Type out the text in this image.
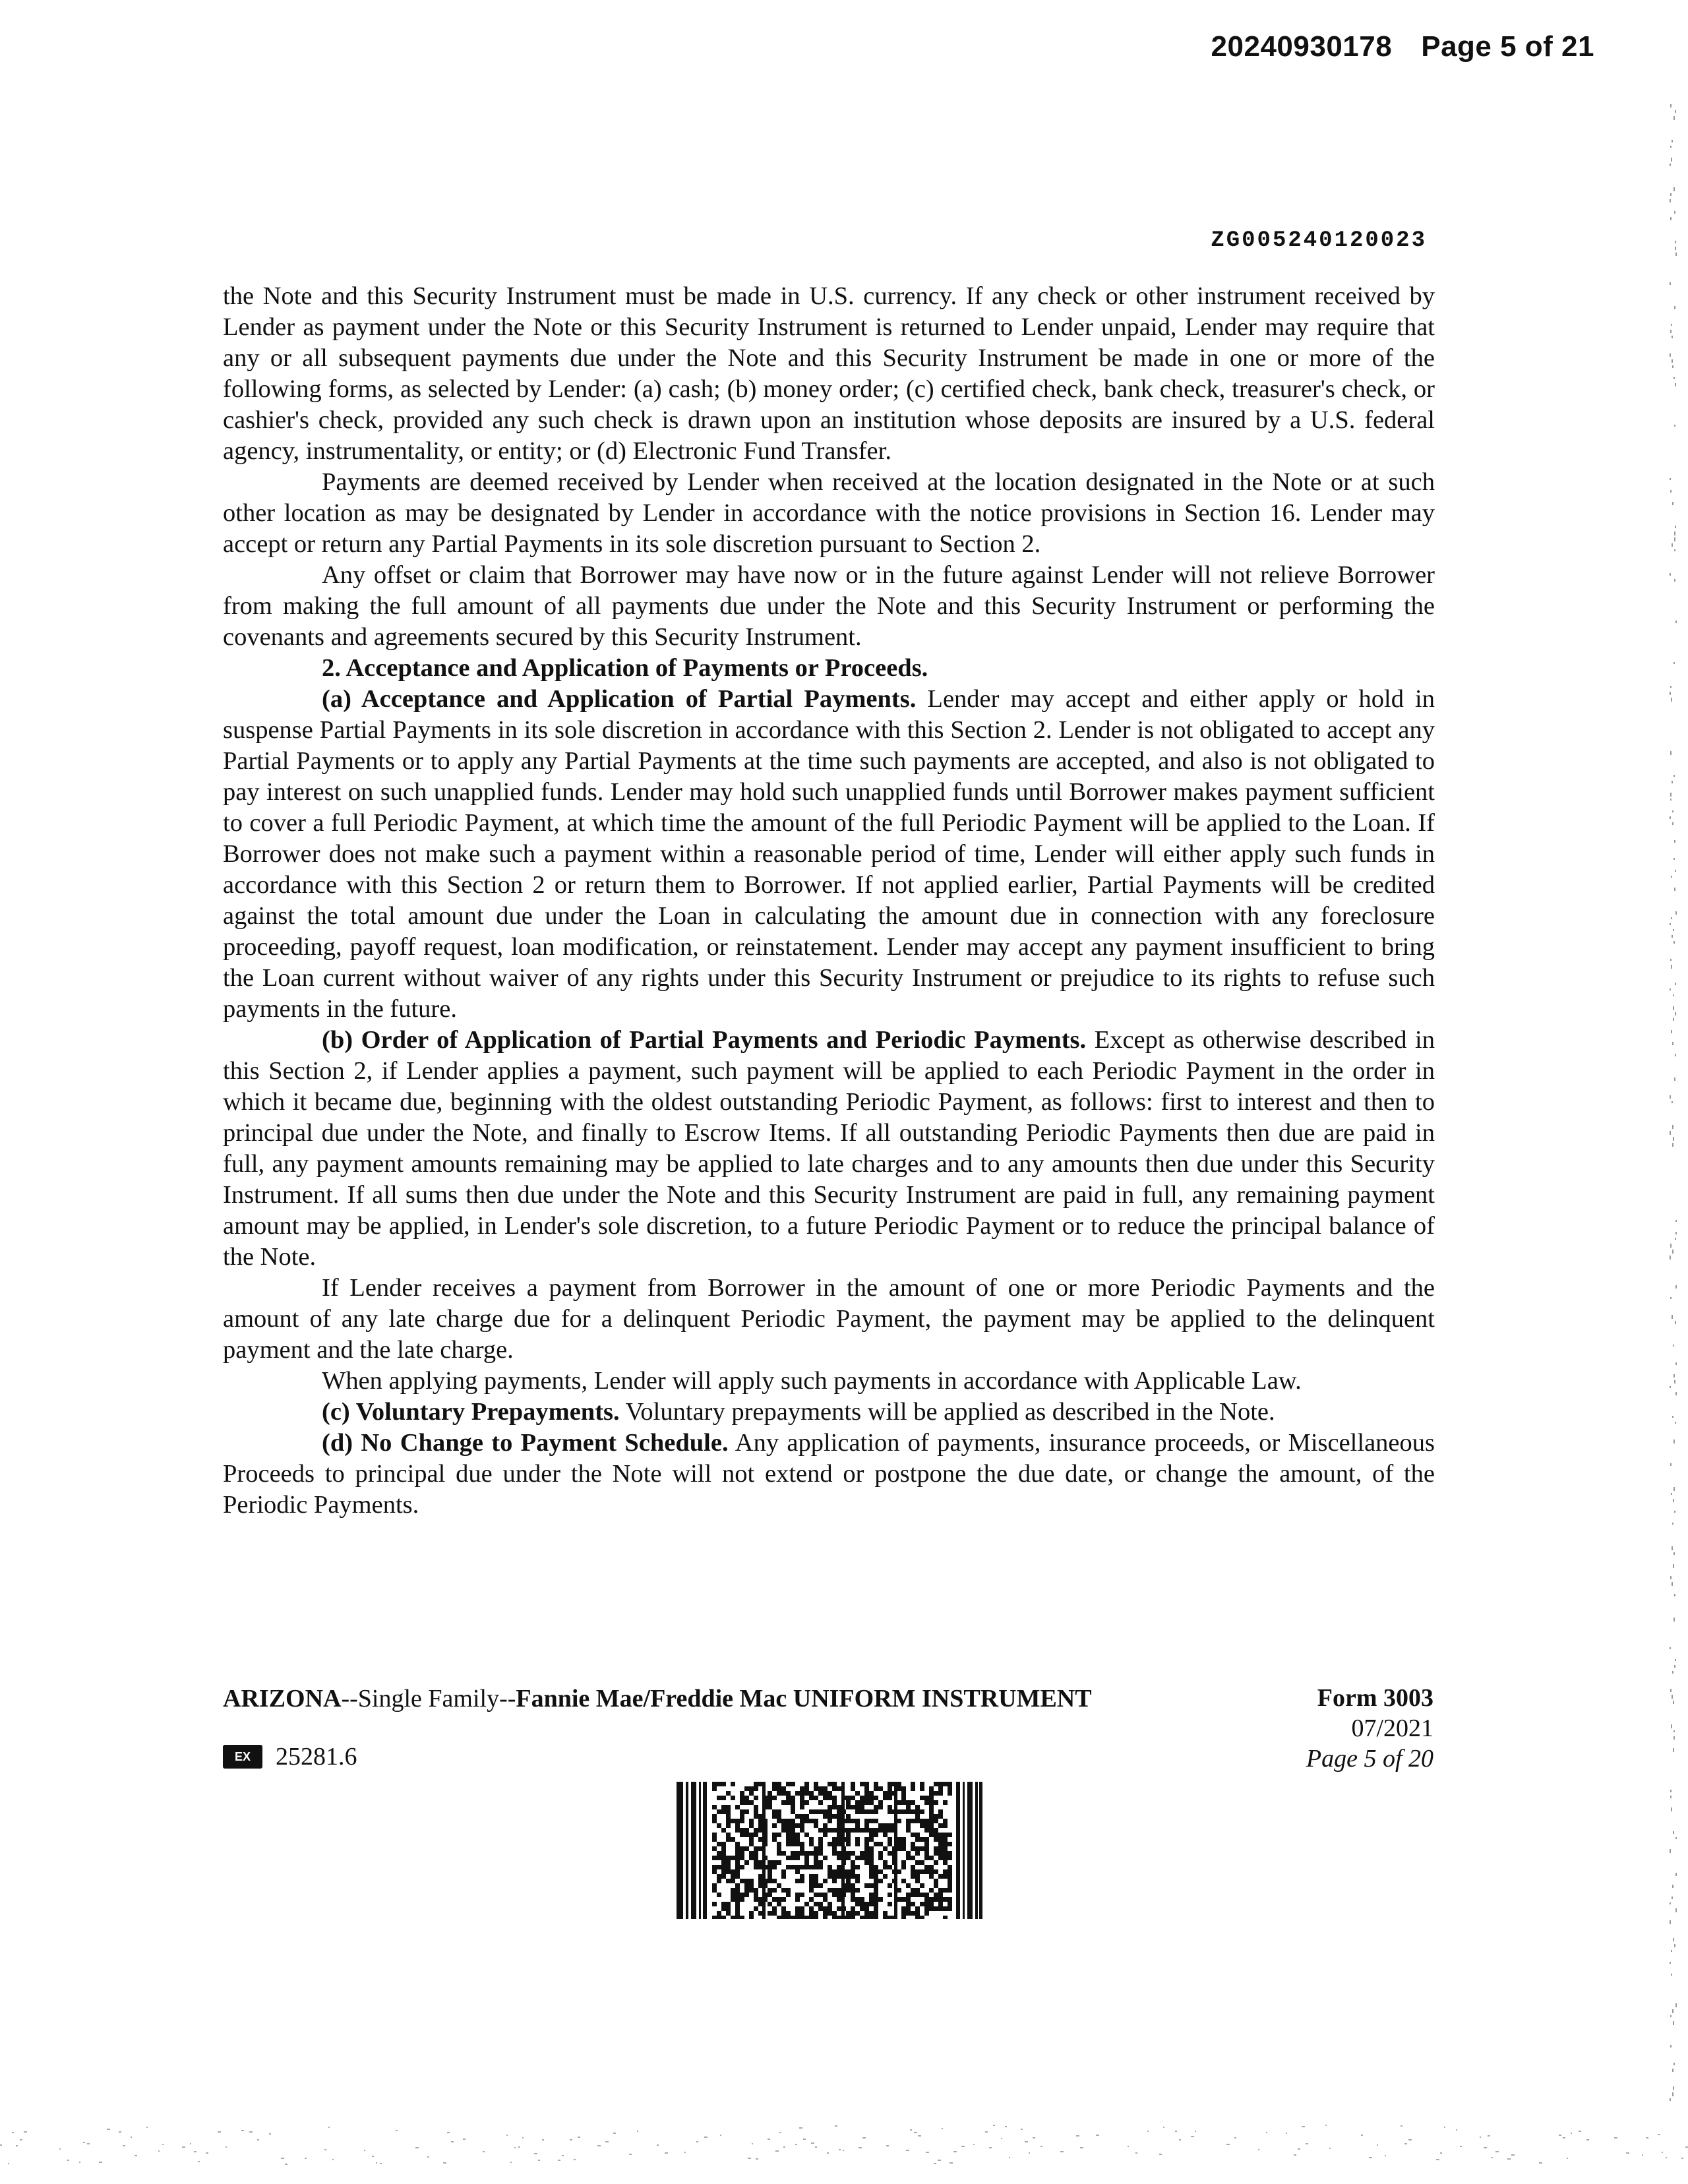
20240930178 Page 5 of 21
ZG005240120023

the Note and this Security Instrument must be made in U.S. currency. If any check or other instrument received by Lender as payment under the Note or this Security Instrument is returned to Lender unpaid, Lender may require that any or all subsequent payments due under the Note and this Security Instrument be made in one or more of the following forms, as selected by Lender: (a) cash; (b) money order; (c) certified check, bank check, treasurer's check, or cashier's check, provided any such check is drawn upon an institution whose deposits are insured by a U.S. federal agency, instrumentality, or entity; or (d) Electronic Fund Transfer.

Payments are deemed received by Lender when received at the location designated in the Note or at such other location as may be designated by Lender in accordance with the notice provisions in Section 16. Lender may accept or return any Partial Payments in its sole discretion pursuant to Section 2.

Any offset or claim that Borrower may have now or in the future against Lender will not relieve Borrower from making the full amount of all payments due under the Note and this Security Instrument or performing the covenants and agreements secured by this Security Instrument.

2. Acceptance and Application of Payments or Proceeds.

(a) Acceptance and Application of Partial Payments. Lender may accept and either apply or hold in suspense Partial Payments in its sole discretion in accordance with this Section 2. Lender is not obligated to accept any Partial Payments or to apply any Partial Payments at the time such payments are accepted, and also is not obligated to pay interest on such unapplied funds. Lender may hold such unapplied funds until Borrower makes payment sufficient to cover a full Periodic Payment, at which time the amount of the full Periodic Payment will be applied to the Loan. If Borrower does not make such a payment within a reasonable period of time, Lender will either apply such funds in accordance with this Section 2 or return them to Borrower. If not applied earlier, Partial Payments will be credited against the total amount due under the Loan in calculating the amount due in connection with any foreclosure proceeding, payoff request, loan modification, or reinstatement. Lender may accept any payment insufficient to bring the Loan current without waiver of any rights under this Security Instrument or prejudice to its rights to refuse such payments in the future.

(b) Order of Application of Partial Payments and Periodic Payments. Except as otherwise described in this Section 2, if Lender applies a payment, such payment will be applied to each Periodic Payment in the order in which it became due, beginning with the oldest outstanding Periodic Payment, as follows: first to interest and then to principal due under the Note, and finally to Escrow Items. If all outstanding Periodic Payments then due are paid in full, any payment amounts remaining may be applied to late charges and to any amounts then due under this Security Instrument. If all sums then due under the Note and this Security Instrument are paid in full, any remaining payment amount may be applied, in Lender's sole discretion, to a future Periodic Payment or to reduce the principal balance of the Note.

If Lender receives a payment from Borrower in the amount of one or more Periodic Payments and the amount of any late charge due for a delinquent Periodic Payment, the payment may be applied to the delinquent payment and the late charge.

When applying payments, Lender will apply such payments in accordance with Applicable Law.

(c) Voluntary Prepayments. Voluntary prepayments will be applied as described in the Note.

(d) No Change to Payment Schedule. Any application of payments, insurance proceeds, or Miscellaneous Proceeds to principal due under the Note will not extend or postpone the due date, or change the amount, of the Periodic Payments.

ARIZONA--Single Family--Fannie Mae/Freddie Mac UNIFORM INSTRUMENT
EX	25281.6
Form 3003
07/2021
Page 5 of 20
